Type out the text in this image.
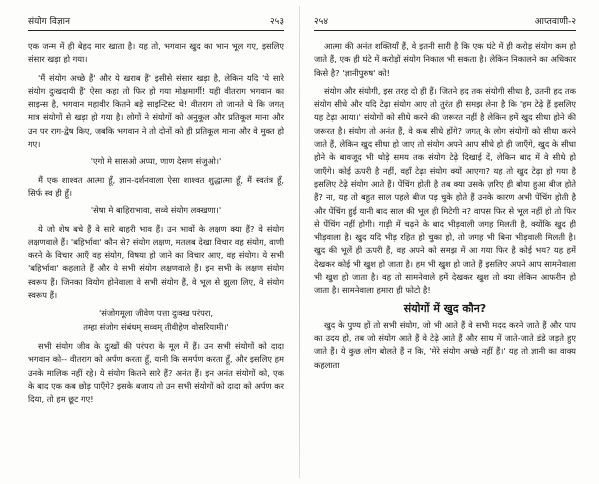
संयोग विज्ञान	२५३

एक जन्म में ही बेहद मार खाता है। यह तो, भगवान खुद का भान भूल गए, इसलिए संसार खड़ा हो गया।

'मैं संयोग अच्छे हैं' और ये खराब हैं' इसीसे संसार खड़ा है, लेकिन यदि 'ये सारे संयोग दुःखदायी हैं' ऐसा कहा तो फिर हो गया मोक्षमार्गी! यही वीतराग भगवान का साइन्स है, भगवान महावीर कितने बड़े साइन्टिस्ट थे! वीतराग तो जानते थे कि जगत् मात्र संयोगों से खड़ा हो गया है। लोगों ने संयोगों को अनुकूल और प्रतिकूल माना और उन पर राग-द्वेष किए, जबकि भगवान ने तो दोनों को ही प्रतिकूल माना और वे मुक्त हो गए।

'एगो मे सासओ अप्पा, णाण देसण संजुओ।'

मैं एक शाश्वत आत्मा हूँ, ज्ञान-दर्शनवाला ऐसा शाश्वत शुद्धात्मा हूँ, मैं स्वतंत्र हूँ, सिर्फ स्व ही हूँ।

'सेषा मे बाहिराभावा, सव्वे संयोग लक्खणा।'

ये जो शेष बचे हैं वे सारे बाहरी भाव हैं। उन भावों के लक्षण क्या हैं? वे संयोग लक्षणवाले हैं। 'बहिर्भावा' कौन से? संयोग लक्षण, मतलब देखा विचार वह संयोग, वाणी करने के विचार आएँ वह संयोग, विषया हो जाने का विचार आए, वह संयोग। ये सभी 'बहिर्भावा' कहलाते हैं और ये सभी संयोग लक्षणवाले हैं। इन सभी के लक्षण संयोग स्वरूप हैं। जिनका वियोग होनेवाला वे सभी संयोग हैं, वे भूल से झुला लिए, वे संयोग स्वरूप हैं।

'संजोगमूला जीवेण पत्ता दुःक्ख परंपरा,
तम्हा संजोग संबंधम् सव्वम् तीवीहेण वोसरियामी।'

सभी संयोग जीव के दुःखों की परंपरा के मूल में हैं। उन सभी संयोगों को दादा भगवान को-- वीतराग को अर्पण करता हूँ, यानी कि समर्पण करता हूँ, और इसलिए हम उनके मालिक नहीं रहे। ये संयोग कितने सारे हैं? अनंत हैं। इन अनंत संयोगों को, एक के बाद एक कब छोड़ पाएँगे? इसके बजाय तो उन सभी संयोगों को दादा को अर्पण कर दिया, तो हम छूट गए!

२५४	आप्तवाणी-२

आत्मा की अनंत शक्तियाँ हैं, वे इतनी सारी है कि एक घंटे में ही करोड़ संयोग कम हो जाते हैं, एक ही घंटे में करोड़ों संयोग निकाल भी सकता है। लेकिन निकालने का अधिकार किसे है? 'ज्ञानीपुरुष' को!

संयोग और संयोगी, इस तरह दो ही हैं। जितने हद तक संयोगी सीधा है, उतनी हद तक संयोग सीधे और यदि टेढ़ा संयोग आए तो तुरंत ही समझ लेना है कि 'हम टेढ़े हैं इसलिए यह टेढ़ा आया।' संयोगों को सीधे करने की जरूरत नहीं है लेकिन हमें खुद सीधा होने की जरूरत है। संयोग तो अनंत हैं, वे कब सीधे होंगे? जगत् के लोग संयोगों को सीधा करने जाते हैं, लेकिन खुद सीधा हो जाए तो संयोग अपने आप सीधे हो ही जाएँगे, खुद के सीधा होने के बावजूद भी थोड़े समय तक संयोग टेढ़े दिखाई दें, लेकिन बाद में वे सीधे हो जाएँगे। कोई ऊपरी है नहीं, वहाँ टेढ़ा संयोग क्यों आएगा? यह तो खुद टेढ़ा हो गया है इसलिए टेढ़े संयोग आते हैं। पेंचिंग होती है तब क्या उसके ज़रिए ही बोया हुआ बीज होते हैं? ना, यह तो बहुत साल पहले बीज पड़ चुके होते हैं उनके कारण अभी पेंचिंग होती है और पेंचिंग हुई यानी बाद साल की भूल ही मिटेगी न? वापस फिर से भूल नहीं हो तो फिर से पेंचिंग नहीं होगी। गाड़ी में चढ़ने के बाद भीड़वाली जगह मिलती है, क्योंकि खुद ही भीड़वाला है। खुद यदि भीड़ रहित हो चुका हो, तो जगह भी बिना भीड़वाली मिलती है। खुद की भूलें ही ऊपरी हैं, वह अपने को समझ में आ गया फिर है कोई भय? यह हमें देखकर कोई भी खुश हो जाता है। हम भी खुश हो जाते हैं इसलिए अपने आप सामनेवाला भी खुश हो जाता है। वह तो सामनेवाले हमें देखकर खुश तो क्या लेकिन आफरीन हो जाता है। सामनेवाला हमारा ही फोटो है!

संयोगों में खुद कौन?

खुद के पुण्य हों तो सभी संयोग, जो भी आते हैं वे सभी मदद करने जाते हैं और पाप का उदय हो, तब जो संयोग आते हैं वे टेढ़े आते हैं और साथ में जाते-जाते डंडे जड़ते हुए जाते हैं। ये कुछ लोग बोलते हैं न कि, 'मेरे संयोग अच्छे नहीं हैं।' यह तो ज्ञानी का वाक्य कहलाता
